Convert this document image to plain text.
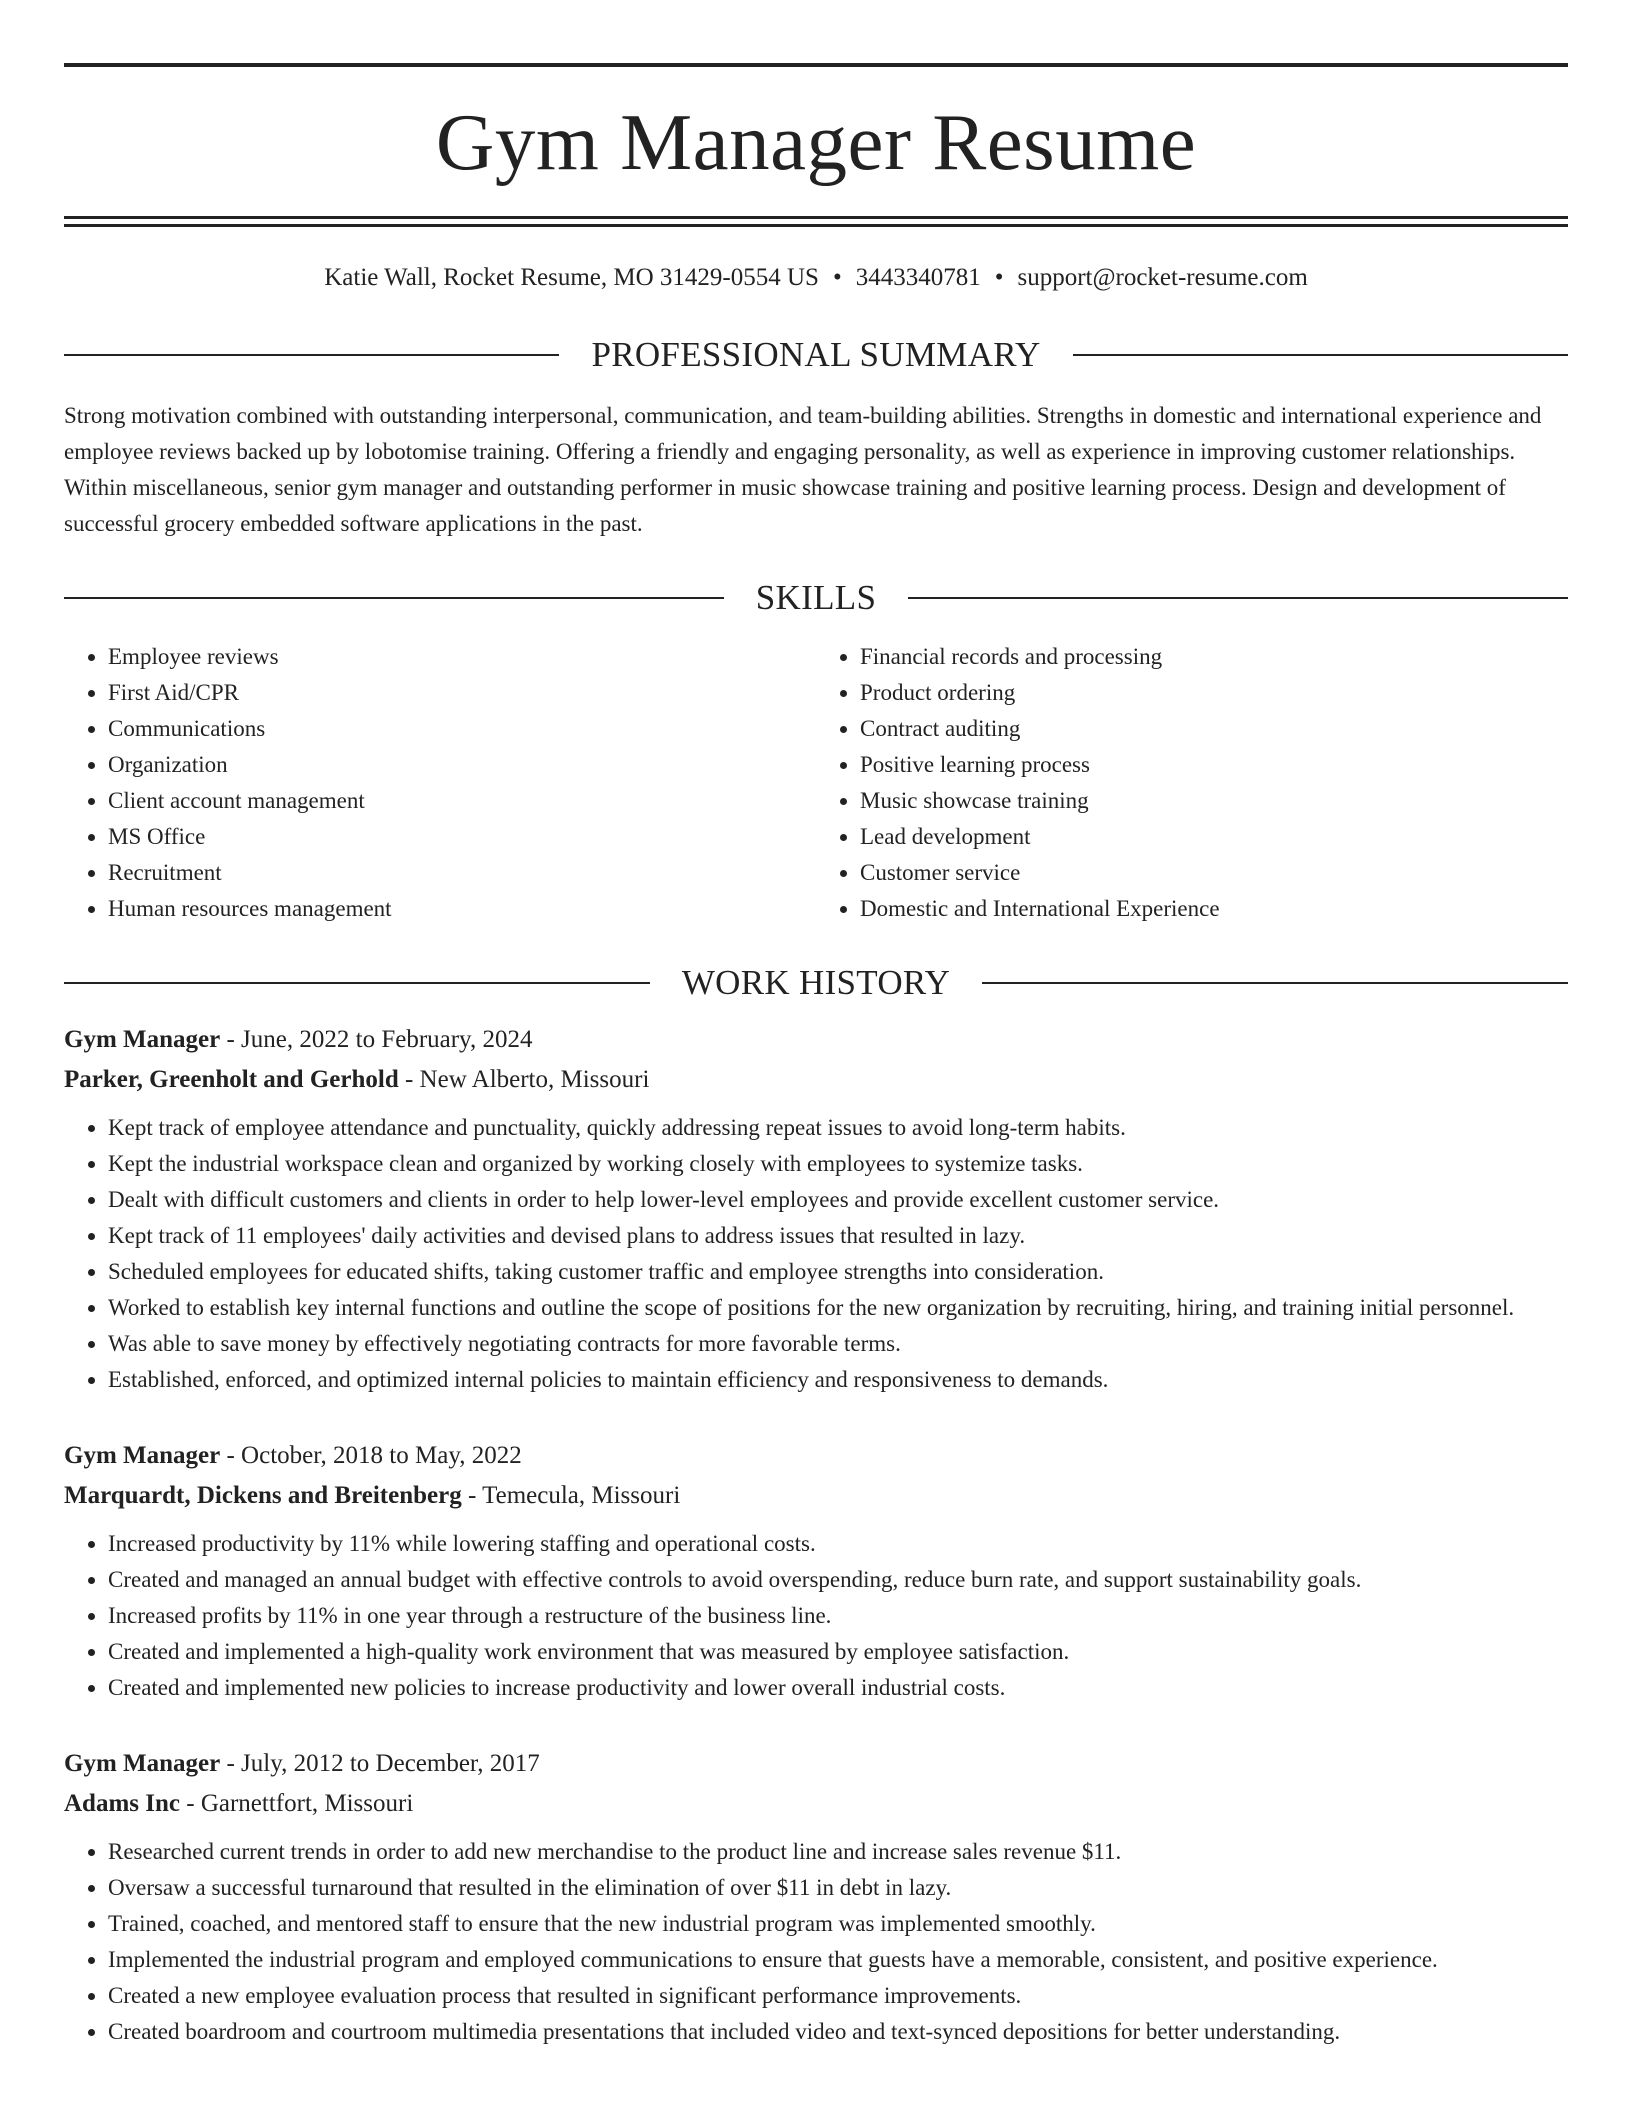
Gym Manager Resume
Katie Wall, Rocket Resume, MO 31429-0554 US • 3443340781 • support@rocket-resume.com
PROFESSIONAL SUMMARY
Strong motivation combined with outstanding interpersonal, communication, and team-building abilities. Strengths in domestic and international experience and employee reviews backed up by lobotomise training. Offering a friendly and engaging personality, as well as experience in improving customer relationships. Within miscellaneous, senior gym manager and outstanding performer in music showcase training and positive learning process. Design and development of successful grocery embedded software applications in the past.
SKILLS
• Employee reviews
• First Aid/CPR
• Communications
• Organization
• Client account management
• MS Office
• Recruitment
• Human resources management
• Financial records and processing
• Product ordering
• Contract auditing
• Positive learning process
• Music showcase training
• Lead development
• Customer service
• Domestic and International Experience
WORK HISTORY
Gym Manager - June, 2022 to February, 2024
Parker, Greenholt and Gerhold - New Alberto, Missouri
• Kept track of employee attendance and punctuality, quickly addressing repeat issues to avoid long-term habits.
• Kept the industrial workspace clean and organized by working closely with employees to systemize tasks.
• Dealt with difficult customers and clients in order to help lower-level employees and provide excellent customer service.
• Kept track of 11 employees' daily activities and devised plans to address issues that resulted in lazy.
• Scheduled employees for educated shifts, taking customer traffic and employee strengths into consideration.
• Worked to establish key internal functions and outline the scope of positions for the new organization by recruiting, hiring, and training initial personnel.
• Was able to save money by effectively negotiating contracts for more favorable terms.
• Established, enforced, and optimized internal policies to maintain efficiency and responsiveness to demands.
Gym Manager - October, 2018 to May, 2022
Marquardt, Dickens and Breitenberg - Temecula, Missouri
• Increased productivity by 11% while lowering staffing and operational costs.
• Created and managed an annual budget with effective controls to avoid overspending, reduce burn rate, and support sustainability goals.
• Increased profits by 11% in one year through a restructure of the business line.
• Created and implemented a high-quality work environment that was measured by employee satisfaction.
• Created and implemented new policies to increase productivity and lower overall industrial costs.
Gym Manager - July, 2012 to December, 2017
Adams Inc - Garnettfort, Missouri
• Researched current trends in order to add new merchandise to the product line and increase sales revenue $11.
• Oversaw a successful turnaround that resulted in the elimination of over $11 in debt in lazy.
• Trained, coached, and mentored staff to ensure that the new industrial program was implemented smoothly.
• Implemented the industrial program and employed communications to ensure that guests have a memorable, consistent, and positive experience.
• Created a new employee evaluation process that resulted in significant performance improvements.
• Created boardroom and courtroom multimedia presentations that included video and text-synced depositions for better understanding.
